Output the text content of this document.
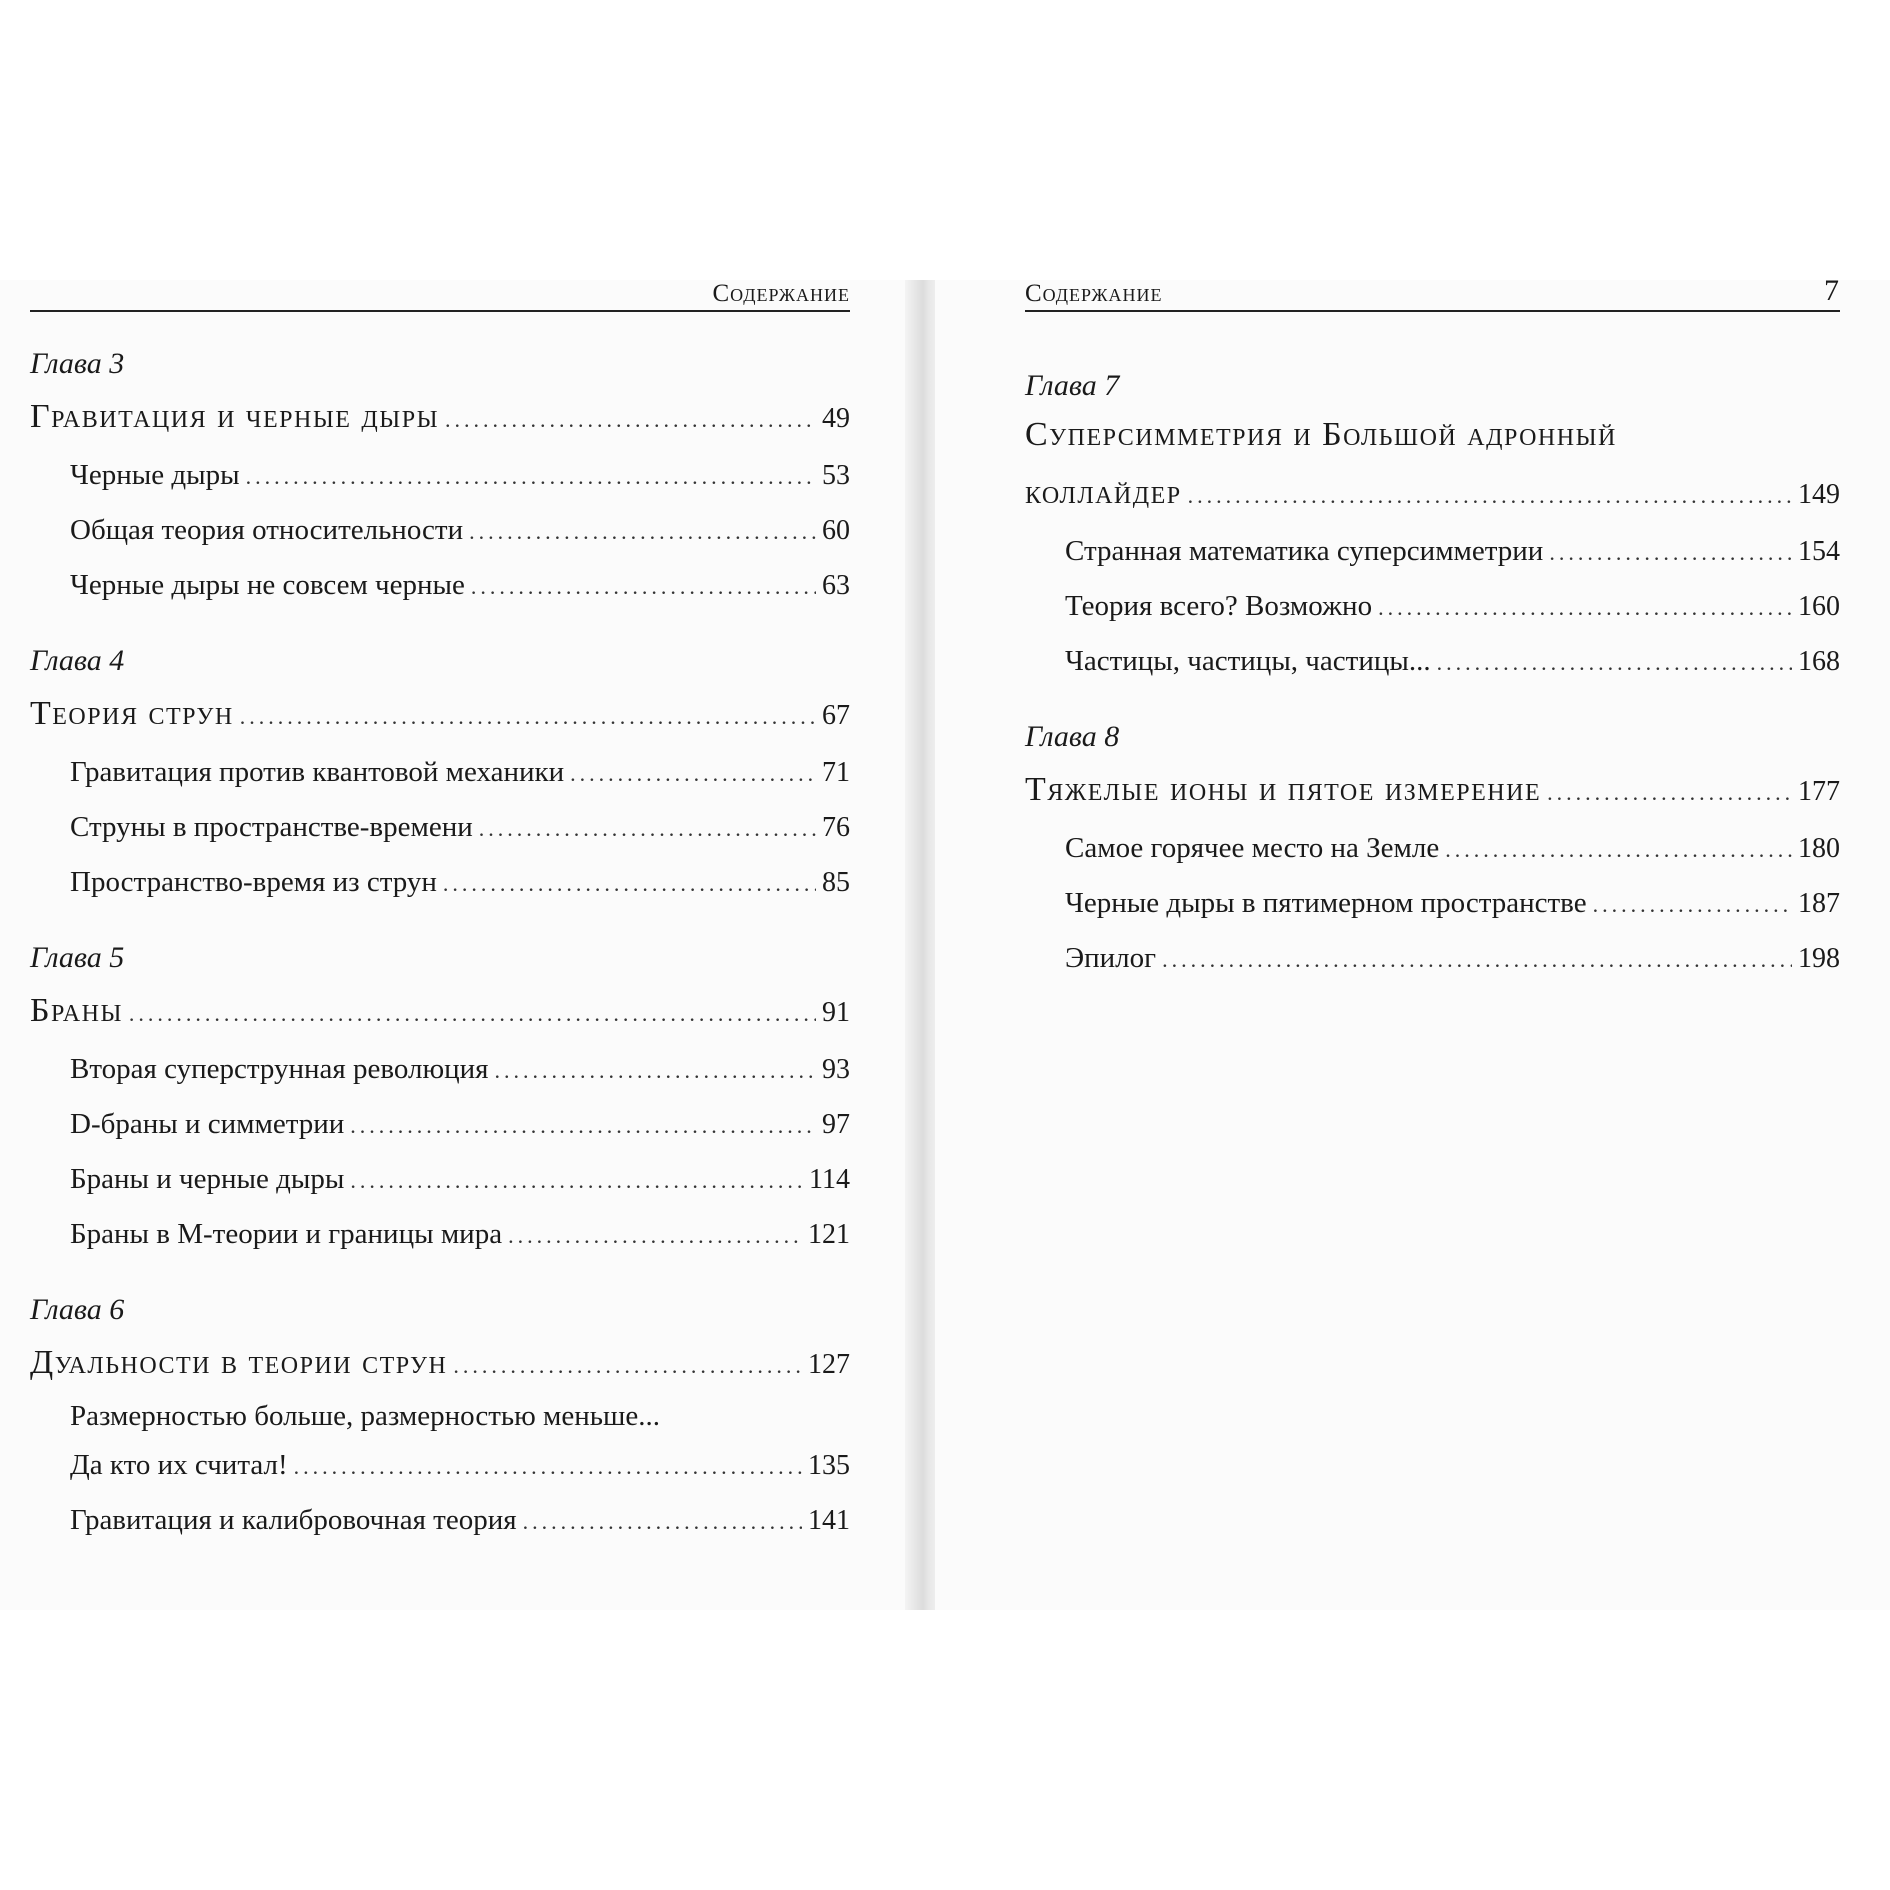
Содержание
Глава 3
Гравитация и черные дыры .....	49
Черные дыры .....	53
Общая теория относительности .....	60
Черные дыры не совсем черные .....	63
Глава 4
Теория струн .....	67
Гравитация против квантовой механики .....	71
Струны в пространстве-времени .....	76
Пространство-время из струн .....	85
Глава 5
Браны .....	91
Вторая суперструнная революция .....	93
D-браны и симметрии .....	97
Браны и черные дыры .....	114
Браны в М-теории и границы мира .....	121
Глава 6
Дуальности в теории струн .....	127
Размерностью больше, размерностью меньше...
Да кто их считал! .....	135
Гравитация и калибровочная теория .....	141
Содержание	7
Глава 7
Суперсимметрия и Большой адронный
коллайдер .....	149
Странная математика суперсимметрии .....	154
Теория всего? Возможно .....	160
Частицы, частицы, частицы... .....	168
Глава 8
Тяжелые ионы и пятое измерение .....	177
Самое горячее место на Земле .....	180
Черные дыры в пятимерном пространстве .....	187
Эпилог .....	198
